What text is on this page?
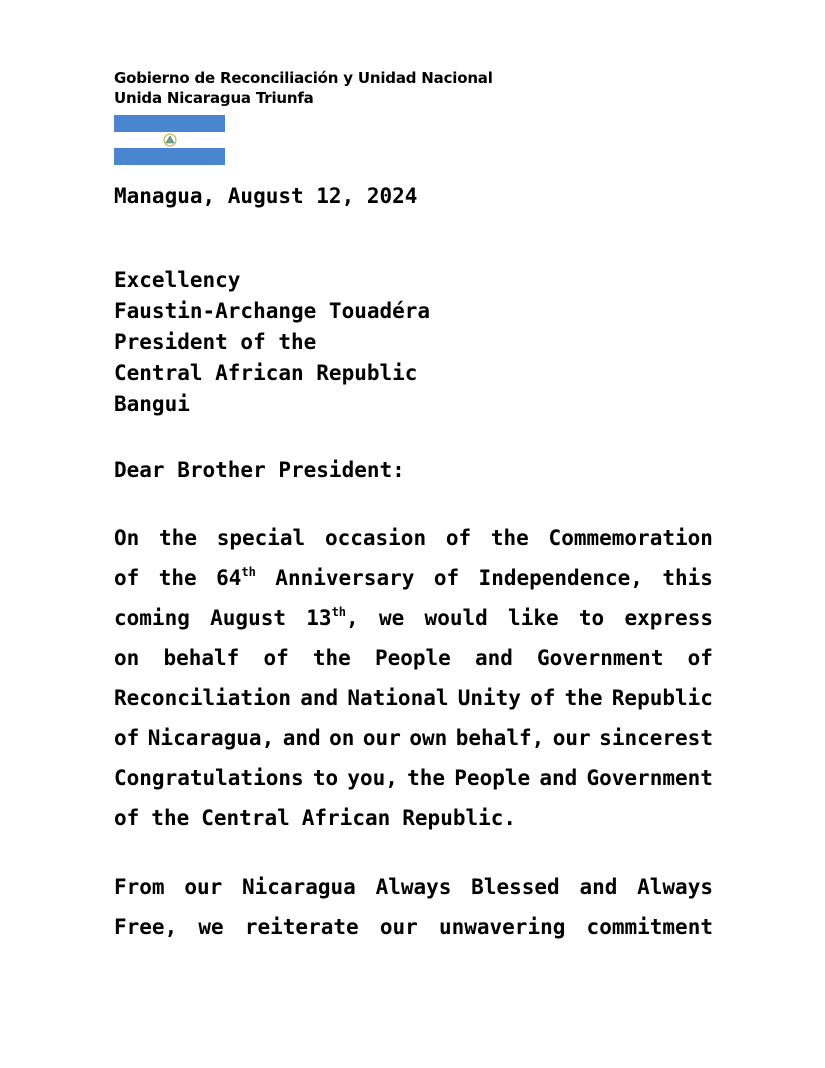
Gobierno de Reconciliación y Unidad Nacional
Unida Nicaragua Triunfa
Managua, August 12, 2024
Excellency
Faustin-Archange Touadéra
President of the
Central African Republic
Bangui
Dear Brother President:
On the special occasion of the Commemoration
of the 64th Anniversary of Independence, this
coming August 13th, we would like to express
on behalf of the People and Government of
Reconciliation and National Unity of the Republic
of Nicaragua, and on our own behalf, our sincerest
Congratulations to you, the People and Government
of the Central African Republic.
From our Nicaragua Always Blessed and Always
Free, we reiterate our unwavering commitment
